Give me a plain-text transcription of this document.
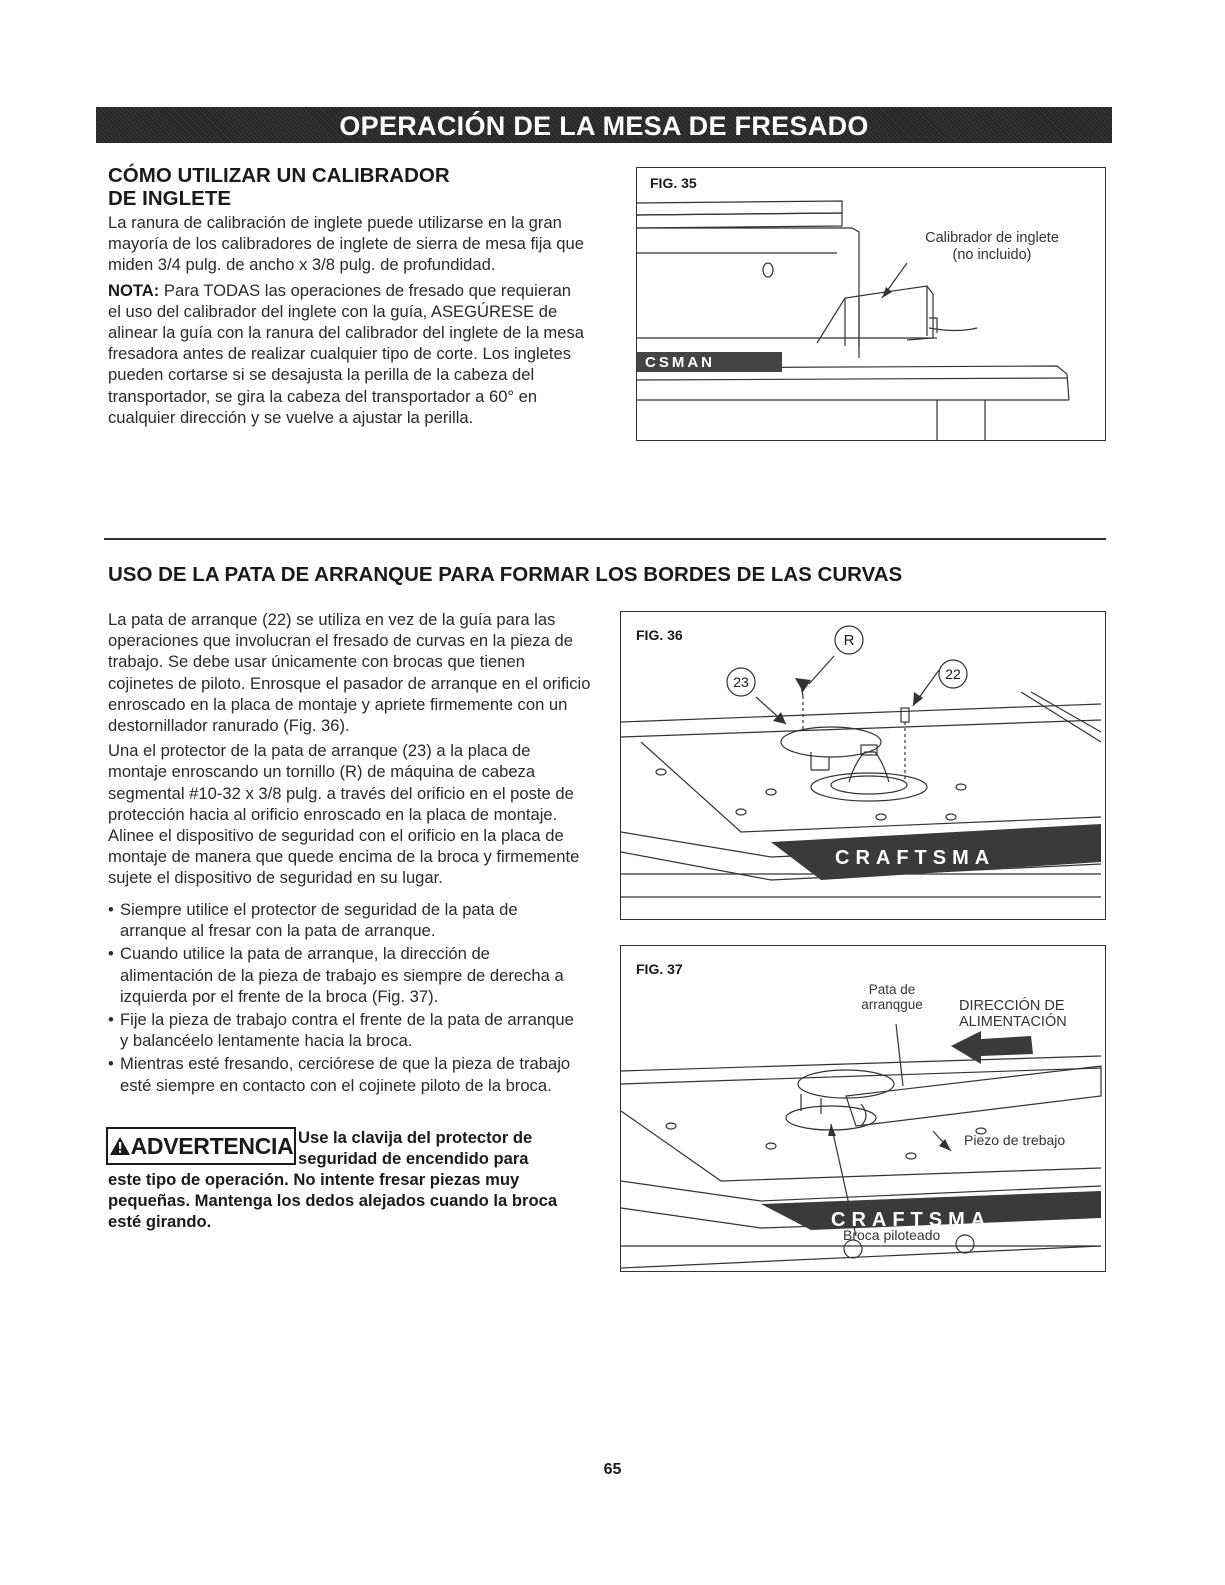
OPERACIÓN DE LA MESA DE FRESADO
CÓMO UTILIZAR UN CALIBRADOR
DE INGLETE

La ranura de calibración de inglete puede utilizarse en la gran mayoría de los calibradores de inglete de sierra de mesa fija que miden 3/4 pulg. de ancho x 3/8 pulg. de profundidad.

NOTA: Para TODAS las operaciones de fresado que requieran el uso del calibrador del inglete con la guía, ASEGÚRESE de alinear la guía con la ranura del calibrador del inglete de la mesa fresadora antes de realizar cualquier tipo de corte. Los ingletes pueden cortarse si se desajusta la perilla de la cabeza del transportador, se gira la cabeza del transportador a 60° en cualquier dirección y se vuelve a ajustar la perilla.

FIG. 35
CSMAN
Calibrador de inglete
(no incluido)
USO DE LA PATA DE ARRANQUE PARA FORMAR LOS BORDES DE LAS CURVAS

La pata de arranque (22) se utiliza en vez de la guía para las operaciones que involucran el fresado de curvas en la pieza de trabajo. Se debe usar únicamente con brocas que tienen cojinetes de piloto. Enrosque el pasador de arranque en el orificio enroscado en la placa de montaje y apriete firmemente con un destornillador ranurado (Fig. 36).

Una el protector de la pata de arranque (23) a la placa de montaje enroscando un tornillo (R) de máquina de cabeza segmental #10-32 x 3/8 pulg. a través del orificio en el poste de protección hacia al orificio enroscado en la placa de montaje. Alinee el dispositivo de seguridad con el orificio en la placa de montaje de manera que quede encima de la broca y firmemente sujete el dispositivo de seguridad en su lugar.

• Siempre utilice el protector de seguridad de la pata de arranque al fresar con la pata de arranque.
• Cuando utilice la pata de arranque, la dirección de alimentación de la pieza de trabajo es siempre de derecha a izquierda por el frente de la broca (Fig. 37).
• Fije la pieza de trabajo contra el frente de la pata de arranque y balancéelo lentamente hacia la broca.
• Mientras esté fresando, cerciórese de que la pieza de trabajo esté siempre en contacto con el cojinete piloto de la broca.
ADVERTENCIA Use la clavija del protector de
seguridad de encendido para
este tipo de operación. No intente fresar piezas muy pequeñas. Mantenga los dedos alejados cuando la broca esté girando.
FIG. 36
CRAFTSMA
R
23	22
FIG. 37
CRAFTSMA
Pata de
arranqgue	DIRECCIÓN DE
ALIMENTACIÓN
Piezo de trebajo
Broca piloteado
65
